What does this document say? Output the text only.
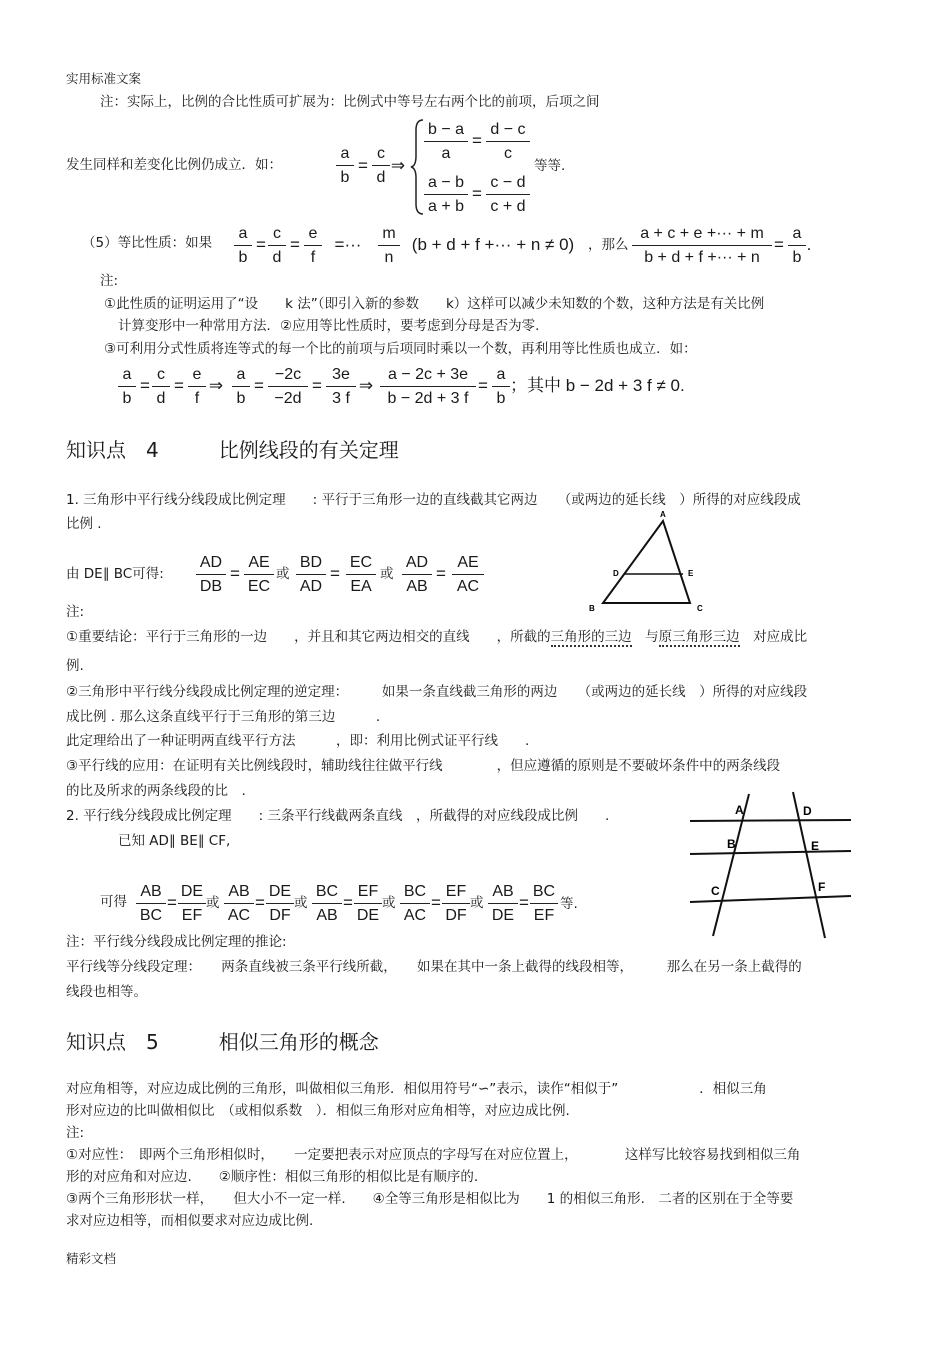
实用标准文案
注：实际上，比例的合比性质可扩展为：比例式中等号左右两个比的前项，后项之间
发生同样和差变化比例仍成立．如：
a
b
=
c
d
⇒
b − a
a
=
d − c
c
a − b
a + b
=
c − d
c + d
等等.
（5）等比性质：如果
a
b
=
c
d
=
e
f
=···
m
n
(b + d + f +··· + n ≠ 0)	，那么
a + c + e +··· + m
b + d + f +··· + n
=
a
b
.
注:
①此性质的证明运用了“设　　k 法”（即引入新的参数　　k）这样可以减少未知数的个数，这种方法是有关比例
计算变形中一种常用方法．②应用等比性质时，要考虑到分母是否为零.
③可利用分式性质将连等式的每一个比的前项与后项同时乘以一个数，再利用等比性质也成立．如：
a
b
=
c
d
=
e
f
⇒
a
b
=
−2c
−2d
=
3e
3 f
⇒
a − 2c + 3e
b − 2d + 3 f
=
a
b
；其中 b − 2d + 3 f ≠ 0.
知识点　4　　　比例线段的有关定理
1. 三角形中平行线分线段成比例定理　　: 平行于三角形一边的直线截其它两边　　（或两边的延长线　）所得的对应线段成
比例 .
由 DE∥ BC可得:
AD
DB
=
AE
EC
或
BD
AD
=
EC
EA
或
AD
AB
=
AE
AC
A
D	E
B	C
注:
①重要结论：平行于三角形的一边　　，并且和其它两边相交的直线　　，所截的三角形的三边　与原三角形三边　对应成比
例.
②三角形中平行线分线段成比例定理的逆定理：　　　如果一条直线截三角形的两边　　（或两边的延长线　）所得的对应线段
成比例 . 那么这条直线平行于三角形的第三边　　　.
此定理给出了一种证明两直线平行方法　　　，即：利用比例式证平行线　　.
③平行线的应用：在证明有关比例线段时，辅助线往往做平行线　　　　，但应遵循的原则是不要破坏条件中的两条线段
的比及所求的两条线段的比　.
2. 平行线分线段成比例定理　　: 三条平行线截两条直线　，所截得的对应线段成比例　　.
已知 AD∥ BE∥ CF,
A
B
C
D
E
F
可得
AB
BC
=
DE
EF
或
AB
AC
=
DE
DF
或
BC
AB
=
EF
DE
或
BC
AC
=
EF
DF
或
AB
DE
=
BC
EF
等.
注：平行线分线段成比例定理的推论:
平行线等分线段定理：　　两条直线被三条平行线所截，　　如果在其中一条上截得的线段相等，　　　那么在另一条上截得的
线段也相等。
知识点　5　　　相似三角形的概念
对应角相等，对应边成比例的三角形，叫做相似三角形．相似用符号“∽”表示，读作“相似于”　　　　　　．相似三角
形对应边的比叫做相似比　（或相似系数　）．相似三角形对应角相等，对应边成比例.
注:
①对应性：　即两个三角形相似时，　　一定要把表示对应顶点的字母写在对应位置上，　　　　这样写比较容易找到相似三角
形的对应角和对应边.　　②顺序性：相似三角形的相似比是有顺序的.
③两个三角形形状一样，　　但大小不一定一样.　　④全等三角形是相似比为　　1 的相似三角形.　二者的区别在于全等要
求对应边相等，而相似要求对应边成比例.
精彩文档
